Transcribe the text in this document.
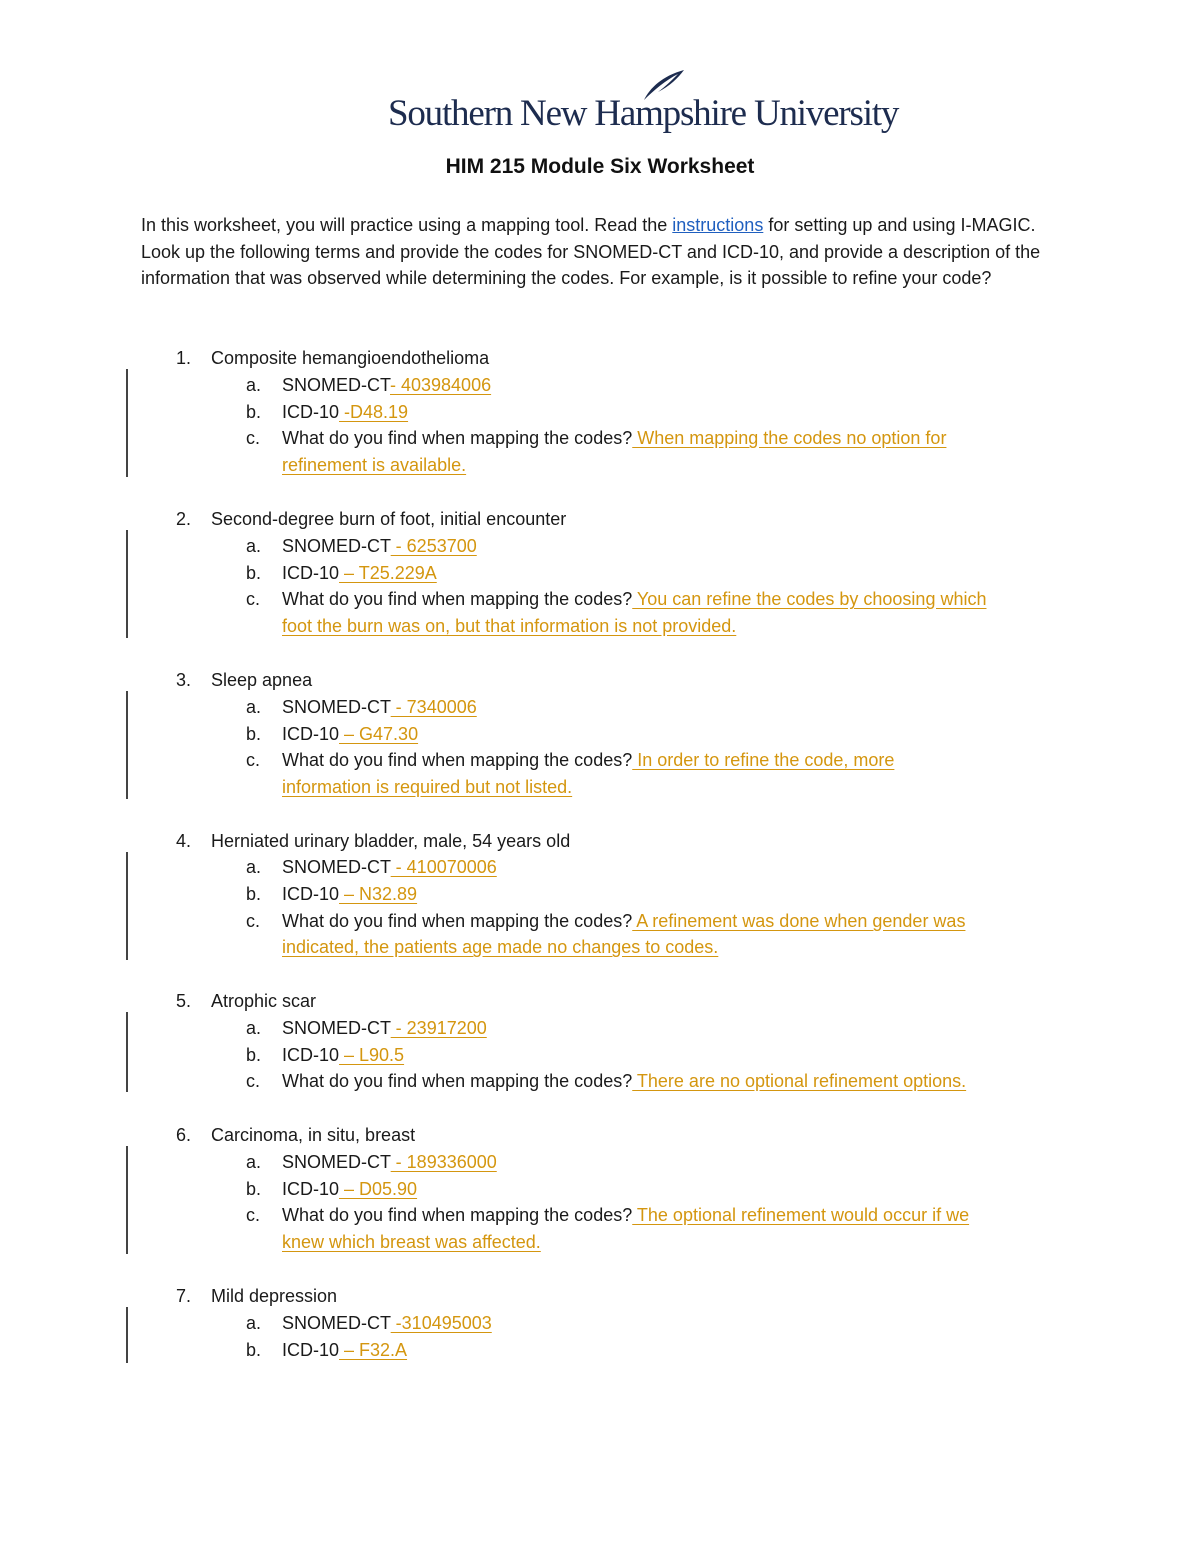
Southern New Hampshire University
HIM 215 Module Six Worksheet
In this worksheet, you will practice using a mapping tool. Read the instructions for setting up and using I-MAGIC. Look up the following terms and provide the codes for SNOMED-CT and ICD-10, and provide a description of the information that was observed while determining the codes. For example, is it possible to refine your code?
1. Composite hemangioendothelioma
a. SNOMED-CT- 403984006
b. ICD-10 -D48.19
c. What do you find when mapping the codes? When mapping the codes no option for
refinement is available.
2. Second-degree burn of foot, initial encounter
a. SNOMED-CT - 6253700
b. ICD-10 – T25.229A
c. What do you find when mapping the codes? You can refine the codes by choosing which
foot the burn was on, but that information is not provided.
3. Sleep apnea
a. SNOMED-CT - 7340006
b. ICD-10 – G47.30
c. What do you find when mapping the codes? In order to refine the code, more
information is required but not listed.
4. Herniated urinary bladder, male, 54 years old
a. SNOMED-CT - 410070006
b. ICD-10 – N32.89
c. What do you find when mapping the codes? A refinement was done when gender was
indicated, the patients age made no changes to codes.
5. Atrophic scar
a. SNOMED-CT - 23917200
b. ICD-10 – L90.5
c. What do you find when mapping the codes? There are no optional refinement options.
6. Carcinoma, in situ, breast
a. SNOMED-CT - 189336000
b. ICD-10 – D05.90
c. What do you find when mapping the codes? The optional refinement would occur if we
knew which breast was affected.
7. Mild depression
a. SNOMED-CT -310495003
b. ICD-10 – F32.A
